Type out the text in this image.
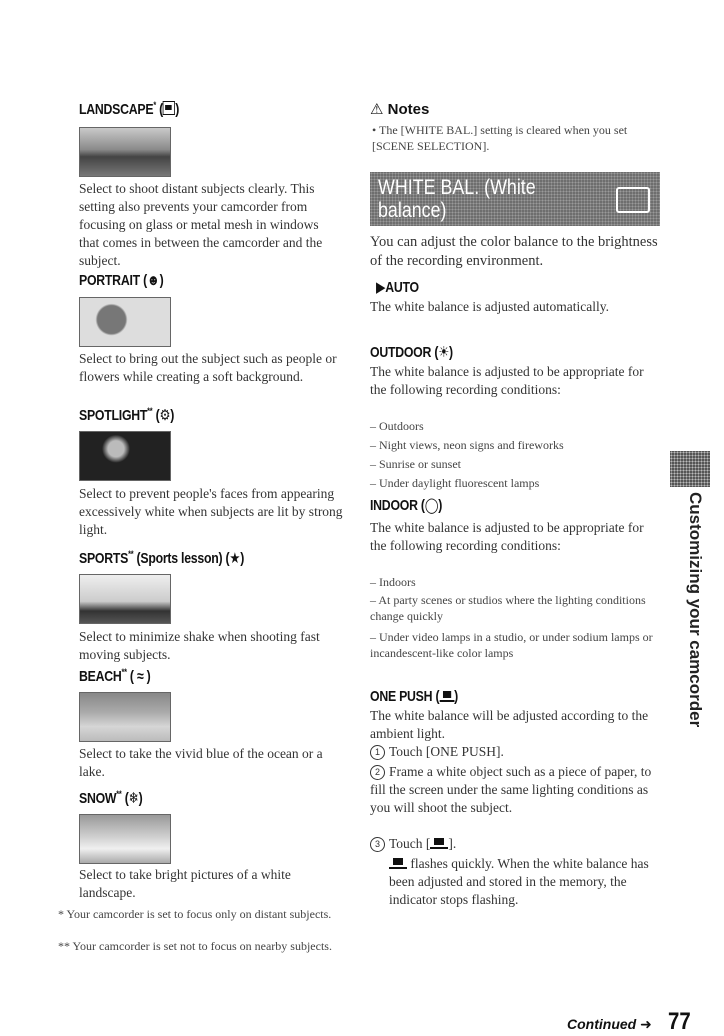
LANDSCAPE* ( )
Select to shoot distant subjects clearly. This setting also prevents your camcorder from focusing on glass or metal mesh in windows that comes in between the camcorder and the subject.
PORTRAIT (☻)
Select to bring out the subject such as people or flowers while creating a soft background.
SPOTLIGHT** (⚙)
Select to prevent people's faces from appearing excessively white when subjects are lit by strong light.
SPORTS** (Sports lesson) (★)
Select to minimize shake when shooting fast moving subjects.
BEACH** ( ≈ )
Select to take the vivid blue of the ocean or a lake.
SNOW** (❄)
Select to take bright pictures of a white landscape.
* Your camcorder is set to focus only on distant subjects.
** Your camcorder is set not to focus on nearby subjects.
⚠ Notes
• The [WHITE BAL.] setting is cleared when you set [SCENE SELECTION].
WHITE BAL. (White balance)
You can adjust the color balance to the brightness of the recording environment.
▶AUTO
The white balance is adjusted automatically.
OUTDOOR (☀)
The white balance is adjusted to be appropriate for the following recording conditions:
– Outdoors
– Night views, neon signs and fireworks
– Sunrise or sunset
– Under daylight fluorescent lamps
INDOOR (◯)
The white balance is adjusted to be appropriate for the following recording conditions:
– Indoors
– At party scenes or studios where the lighting conditions change quickly
– Under video lamps in a studio, or under sodium lamps or incandescent-like color lamps
ONE PUSH ( )
The white balance will be adjusted according to the ambient light.
1 Touch [ONE PUSH].
2 Frame a white object such as a piece of paper, to fill the screen under the same lighting conditions as you will shoot the subject.
3 Touch [ ].
flashes quickly. When the white balance has been adjusted and stored in the memory, the indicator stops flashing.
Customizing your camcorder
Continued ➜ 77
